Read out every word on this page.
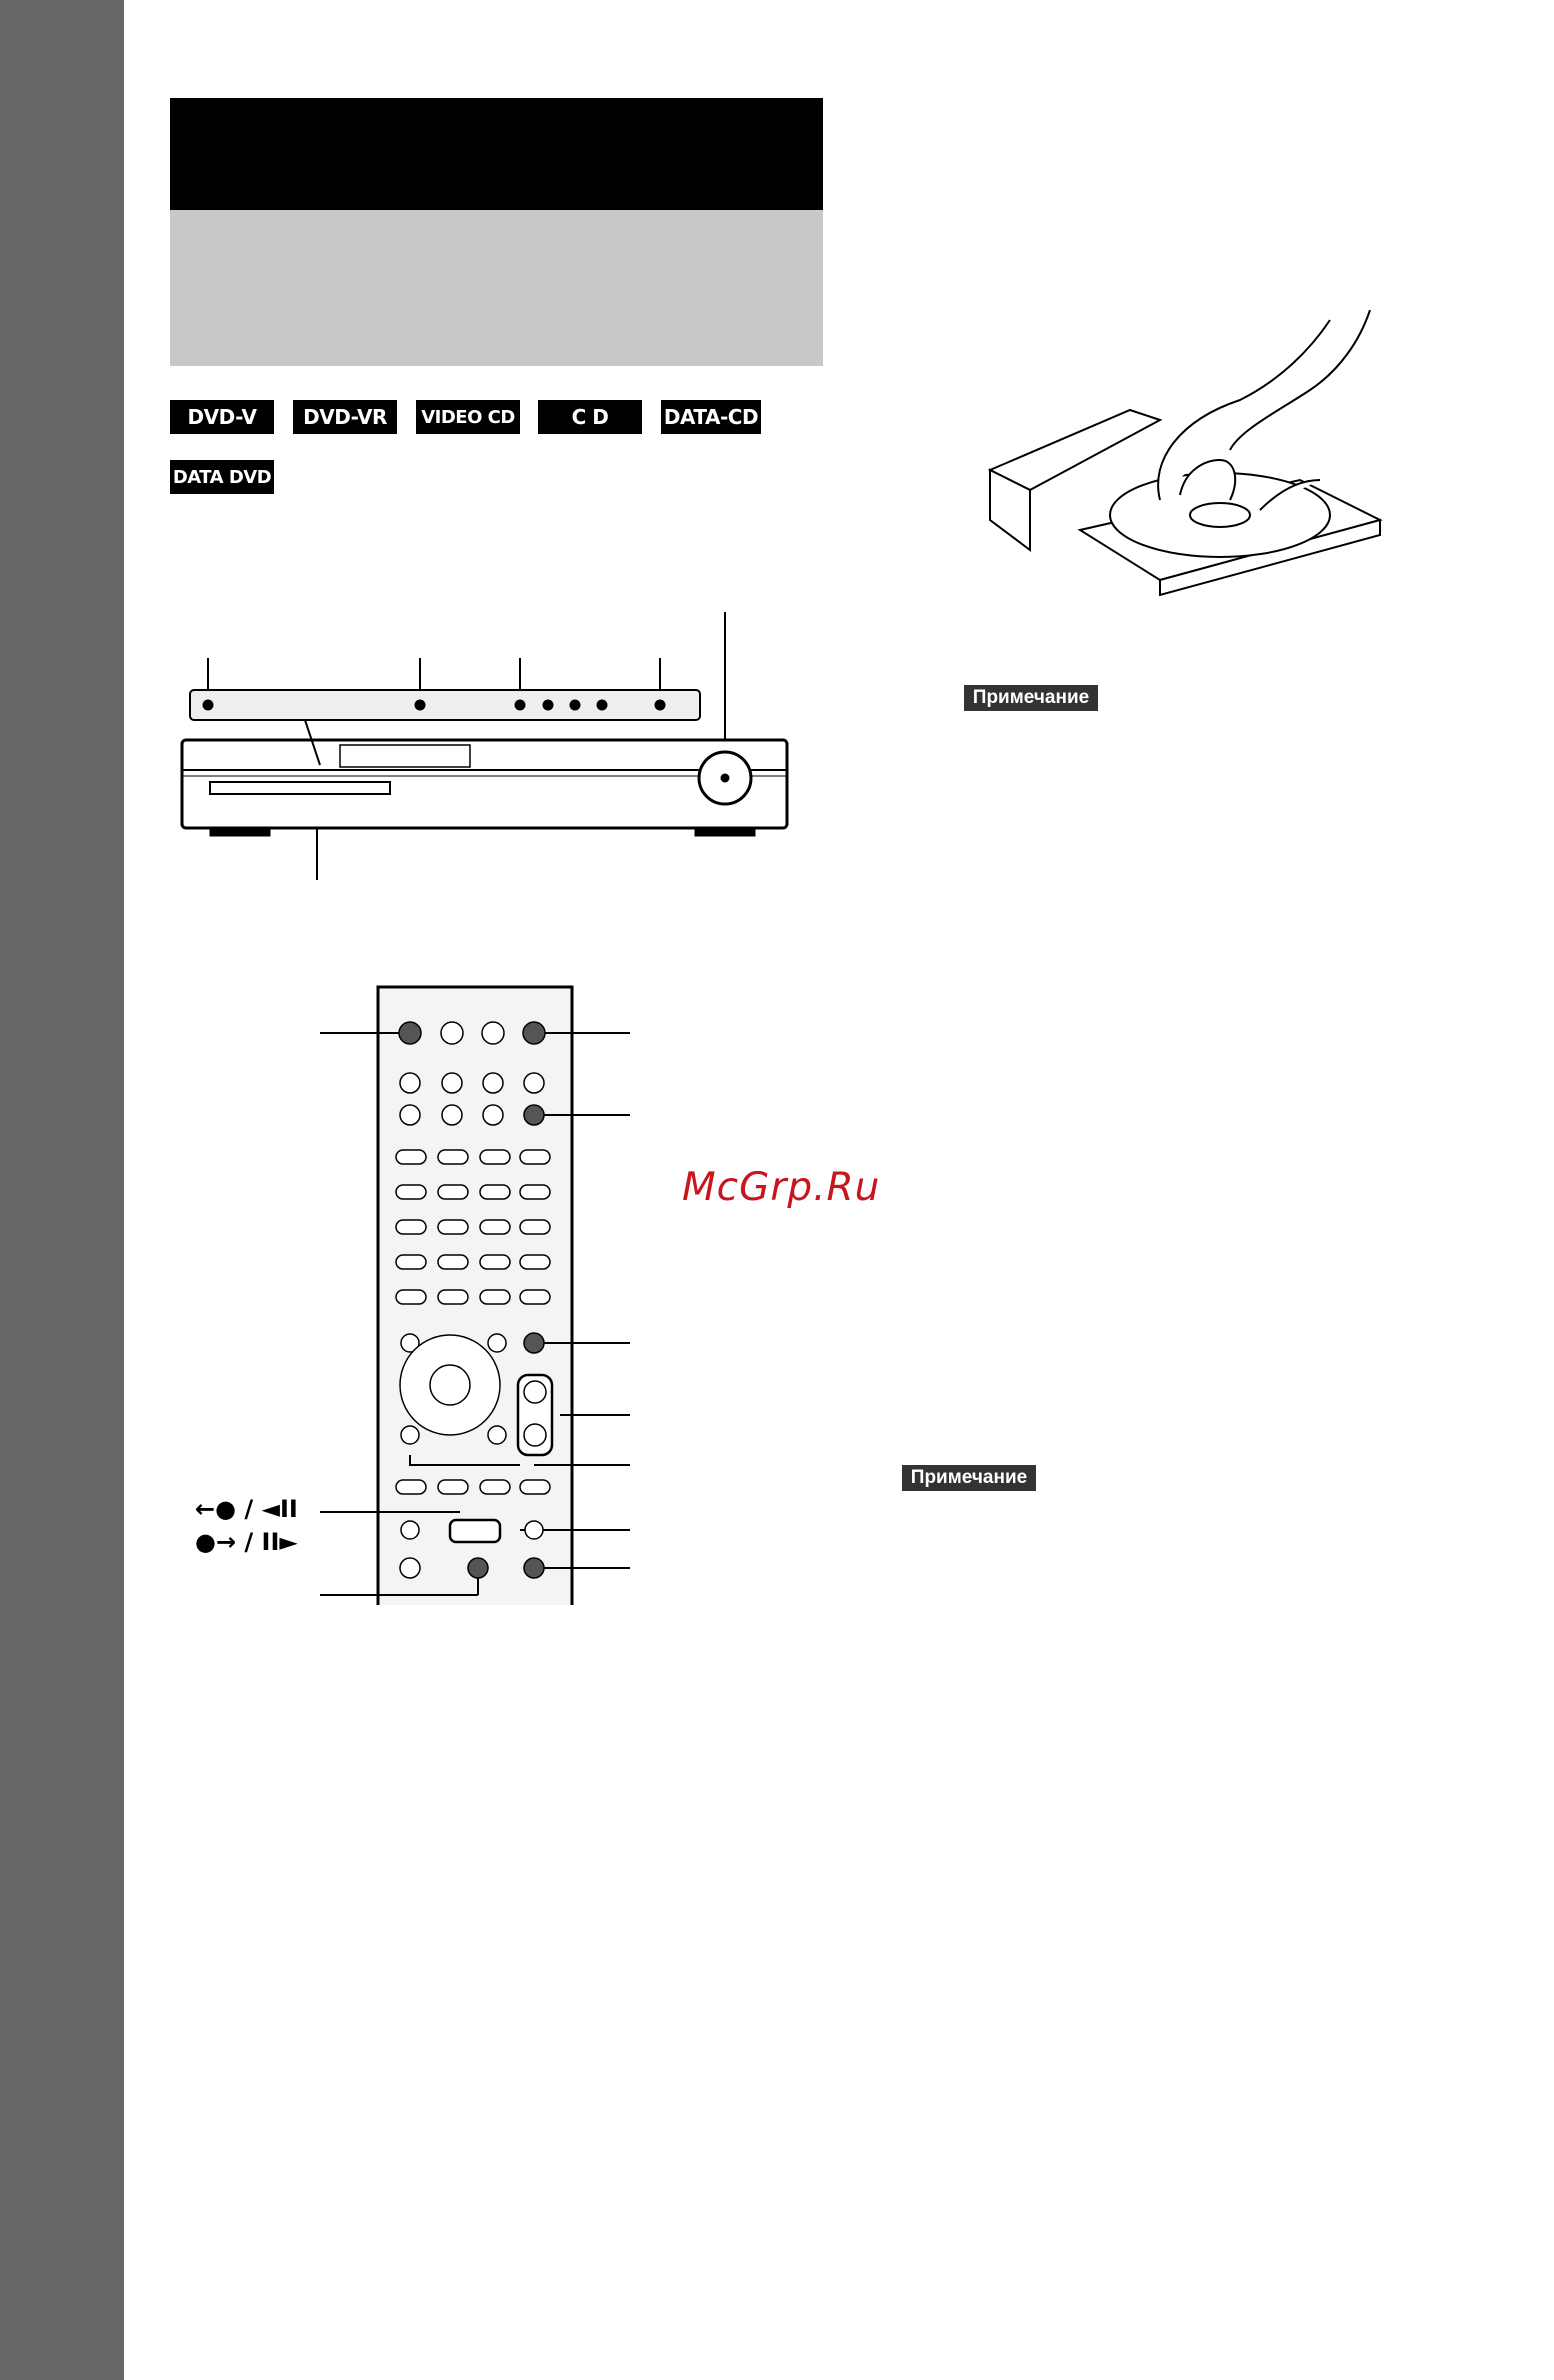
DVD-V	DVD-VR	VIDEO CD	C D	DATA-CD
DATA DVD
←● / ◄II
●→ / II►
Примечание
Примечание
McGrp.Ru
